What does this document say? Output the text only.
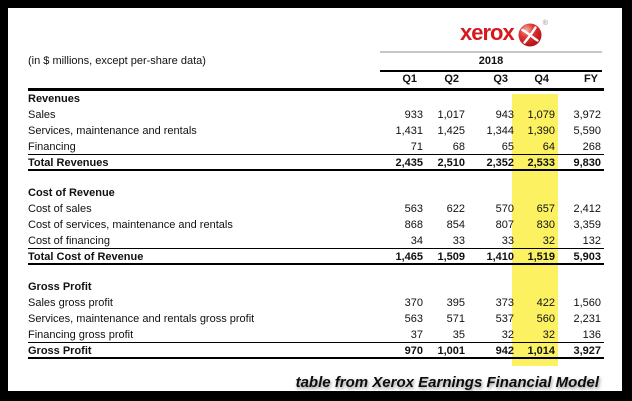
xerox	®
(in $ millions, except per-share data)	2018
Q1	Q2	Q3	Q4	FY
Revenues
Sales	933	1,017	943	1,079	3,972
Services, maintenance and rentals	1,431	1,425	1,344	1,390	5,590
Financing	71	68	65	64	268
Total Revenues	2,435	2,510	2,352	2,533	9,830
Cost of Revenue
Cost of sales	563	622	570	657	2,412
Cost of services, maintenance and rentals	868	854	807	830	3,359
Cost of financing	34	33	33	32	132
Total Cost of Revenue	1,465	1,509	1,410	1,519	5,903
Gross Profit
Sales gross profit	370	395	373	422	1,560
Services, maintenance and rentals gross profit	563	571	537	560	2,231
Financing gross profit	37	35	32	32	136
Gross Profit	970	1,001	942	1,014	3,927
table from Xerox Earnings Financial Model
